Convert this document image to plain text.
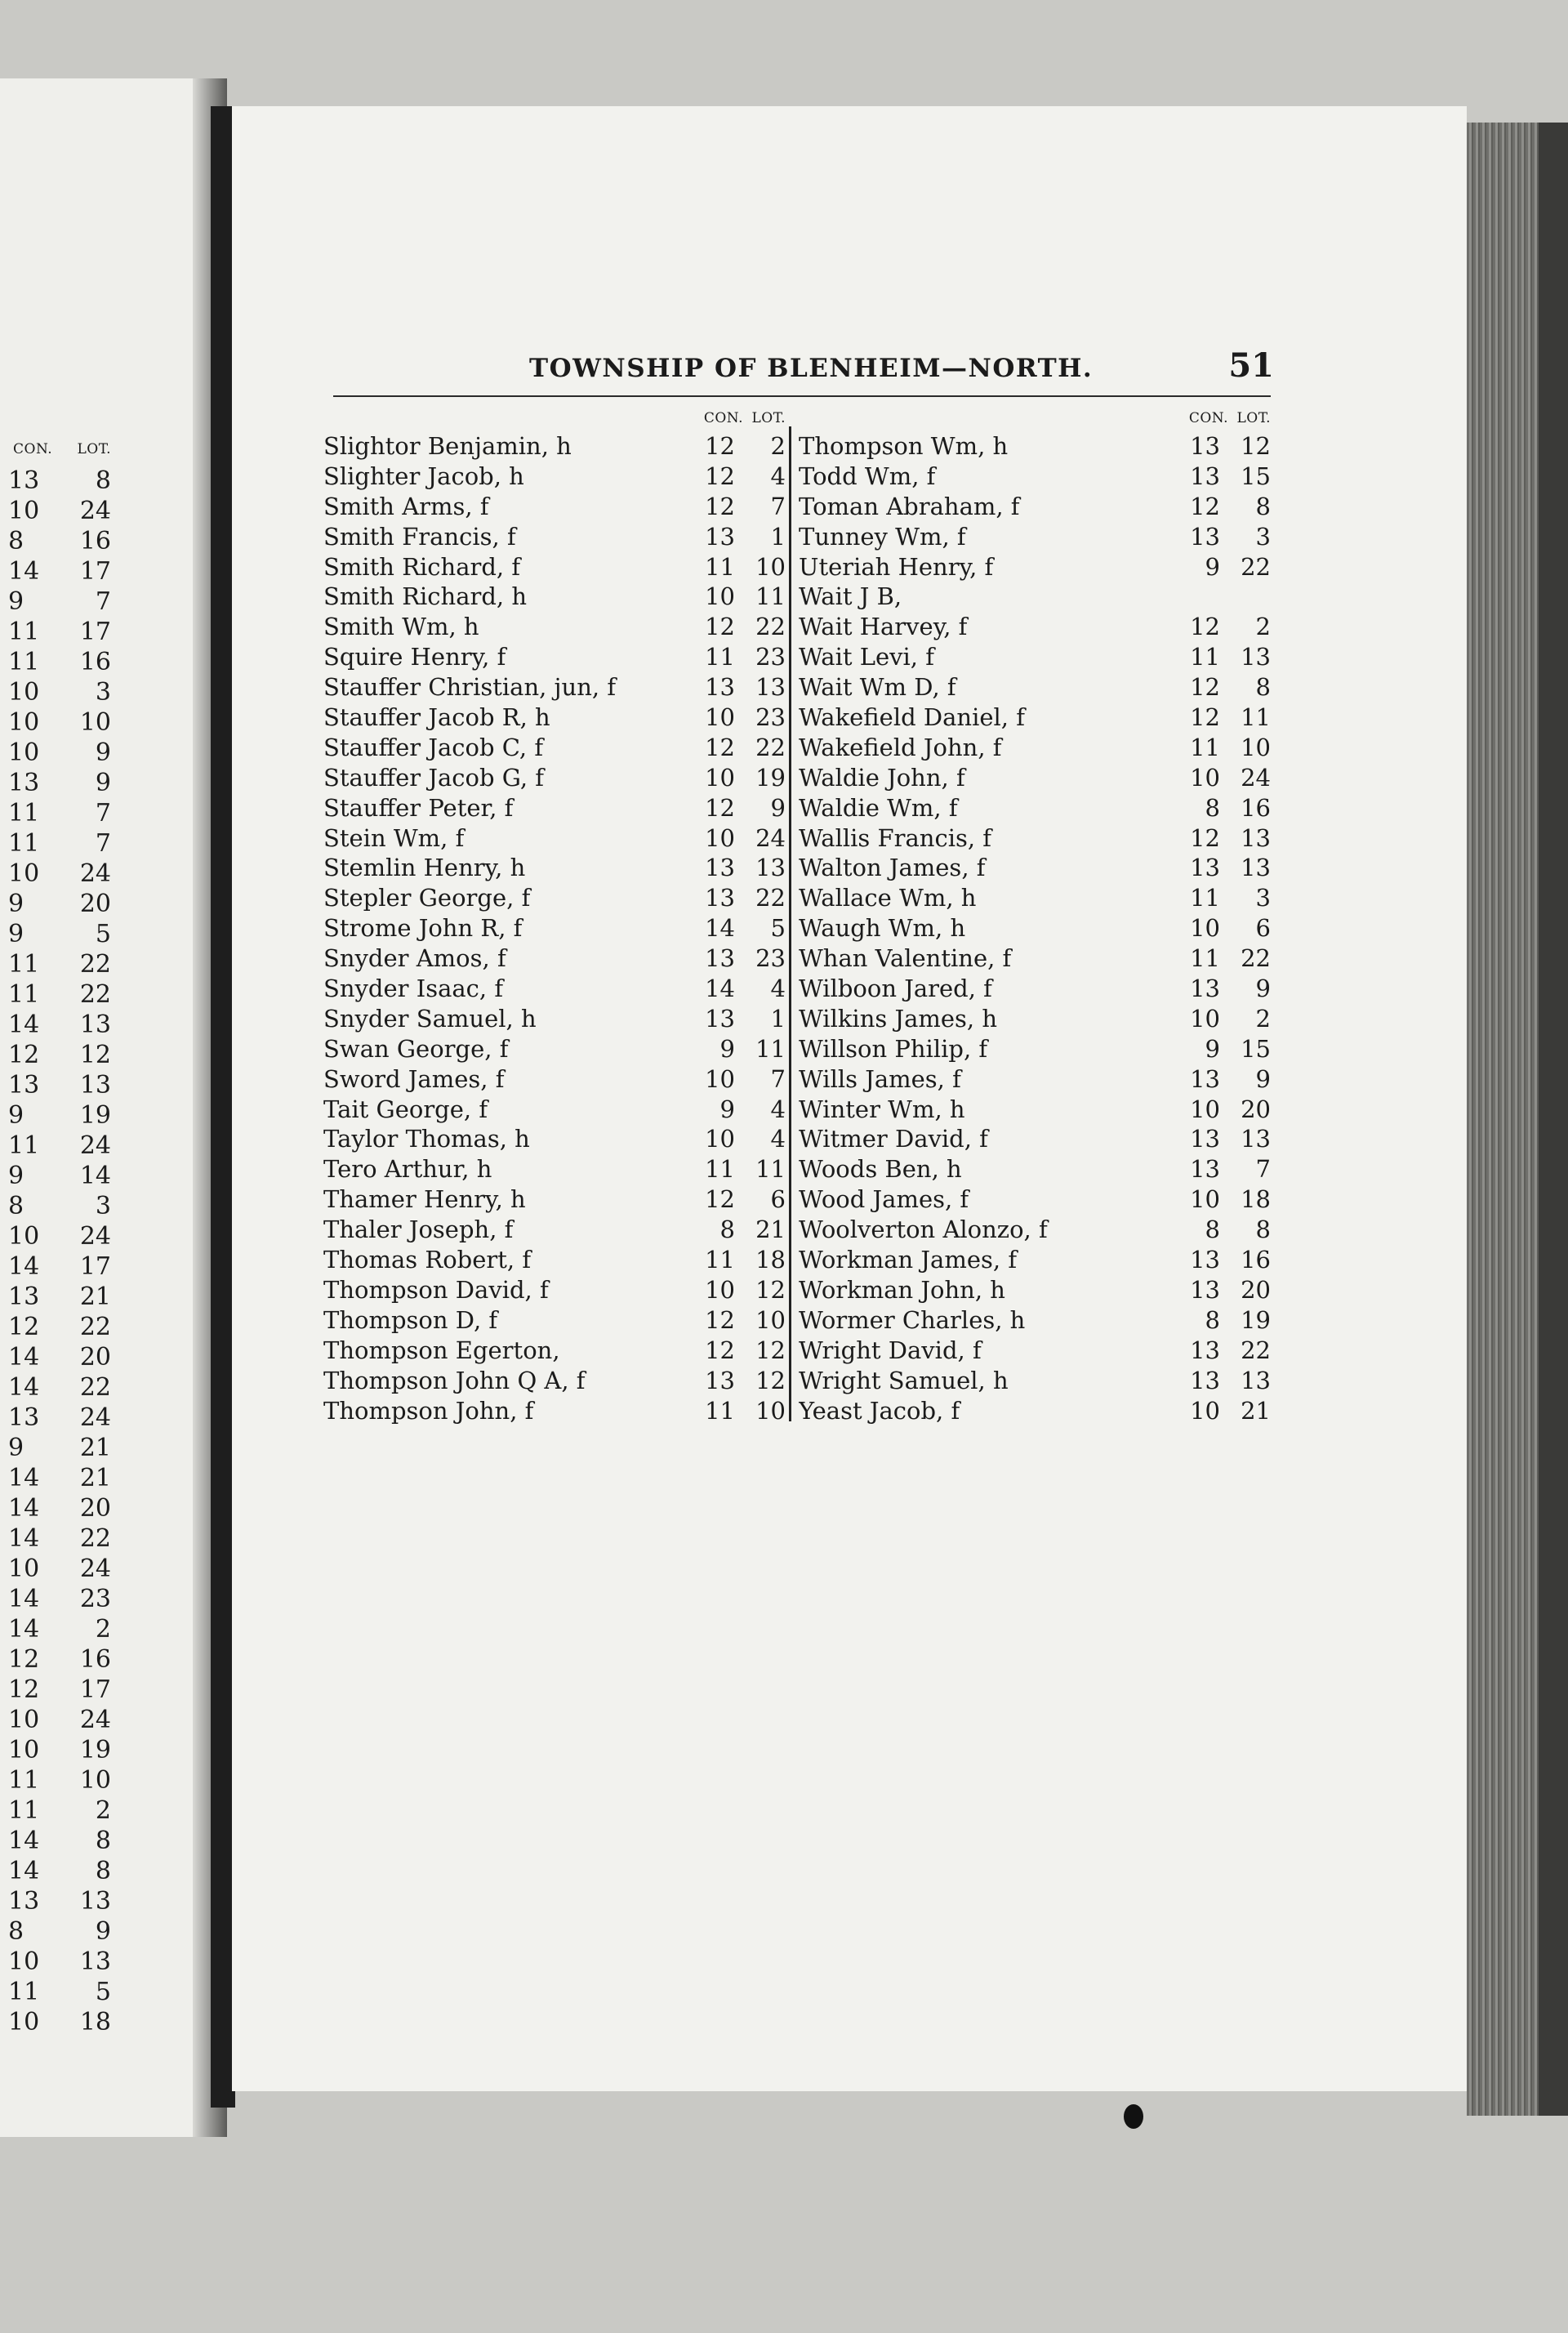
CON. LOT.
13 8
10 24
8 16
14 17
9	7
11 17
11 16
10 3
10 10
10 9
13 9
11 7
11 7
10 24
9 20
9	5
11 22
11 22
14 13
12 12
13 13
9 19
11 24
9 14
8	3
10 24
14 17
13 21
12 22
14 20
14 22
13 24
9 21
14 21
14 20
14 22
10 24
14 23
14 2
12 16
12 17
10 24
10 19
11 10
11 2
14 8
14 8
13 13
8	9
10 13
11 5
10 18
TOWNSHIP OF BLENHEIM—NORTH.	51
CON. LOT.
Slightor Benjamin, h	12	2
Slighter Jacob, h	12	4
Smith Arms, f	12	7
Smith Francis, f	13	1
Smith Richard, f	11 10
Smith Richard, h	10 11
Smith Wm, h	12 22
Squire Henry, f	11 23
Stauffer Christian, jun, f	13 13
Stauffer Jacob R, h	10 23
Stauffer Jacob C, f	12 22
Stauffer Jacob G, f	10 19
Stauffer Peter, f	12	9
Stein Wm, f	10 24
Stemlin Henry, h	13 13
Stepler George, f	13 22
Strome John R, f	14	5
Snyder Amos, f	13 23
Snyder Isaac, f	14	4
Snyder Samuel, h	13	1
Swan George, f	9 11
Sword James, f	10	7
Tait George, f	9	4
Taylor Thomas, h	10	4
Tero Arthur, h	11 11
Thamer Henry, h	12	6
Thaler Joseph, f	8 21
Thomas Robert, f	11 18
Thompson David, f	10 12
Thompson D, f	12 10
Thompson Egerton,	12 12
Thompson John Q A, f	13 12
Thompson John, f	11 10
CON. LOT.
Thompson Wm, h	13 12
Todd Wm, f	13 15
Toman Abraham, f	12	8
Tunney Wm, f	13	3
Uteriah Henry, f	9 22
Wait J B,
Wait Harvey, f	12	2
Wait Levi, f	11 13
Wait Wm D, f	12	8
Wakefield Daniel, f	12 11
Wakefield John, f	11 10
Waldie John, f	10 24
Waldie Wm, f	8 16
Wallis Francis, f	12 13
Walton James, f	13 13
Wallace Wm, h	11	3
Waugh Wm, h	10	6
Whan Valentine, f	11 22
Wilboon Jared, f	13	9
Wilkins James, h	10	2
Willson Philip, f	9 15
Wills James, f	13	9
Winter Wm, h	10 20
Witmer David, f	13 13
Woods Ben, h	13	7
Wood James, f	10 18
Woolverton Alonzo, f	8	8
Workman James, f	13 16
Workman John, h	13 20
Wormer Charles, h	8 19
Wright David, f	13 22
Wright Samuel, h	13 13
Yeast Jacob, f	10 21
